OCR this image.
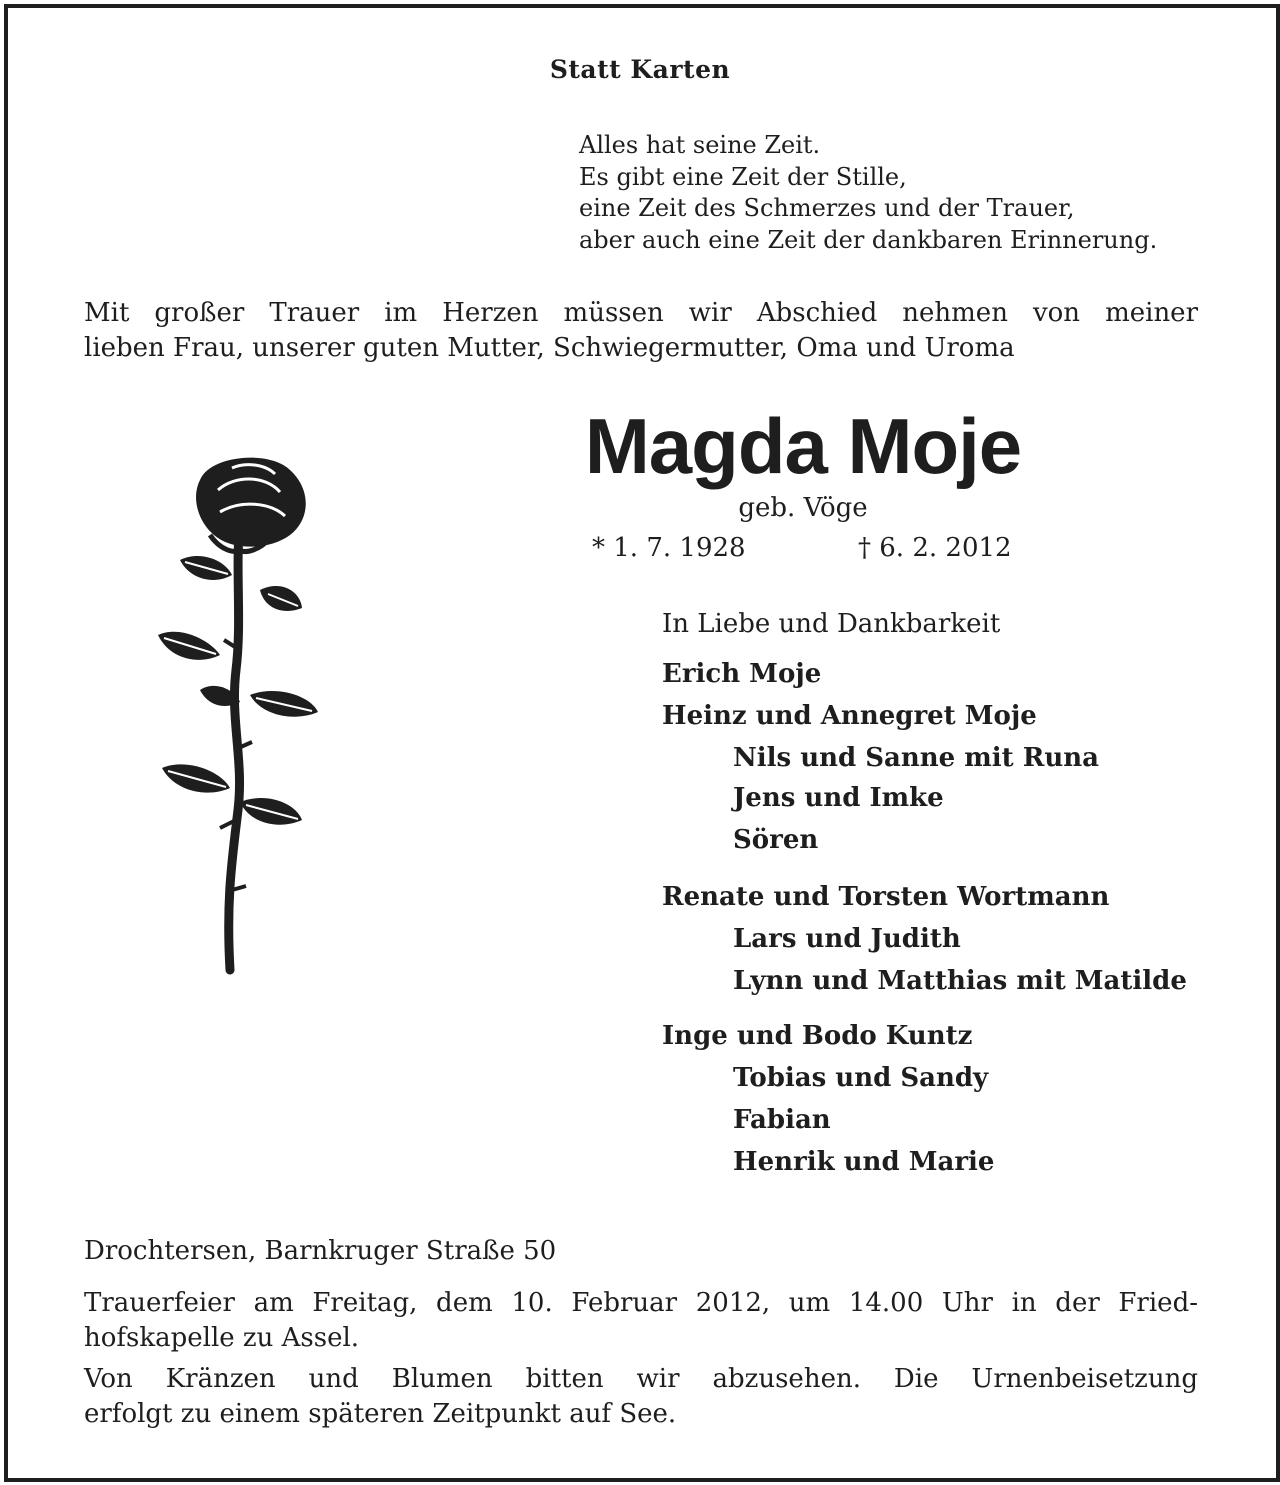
Statt Karten
Alles hat seine Zeit.
Es gibt eine Zeit der Stille,
eine Zeit des Schmerzes und der Trauer,
aber auch eine Zeit der dankbaren Erinnerung.
Mit großer Trauer im Herzen müssen wir Abschied nehmen von meiner
lieben Frau, unserer guten Mutter, Schwiegermutter, Oma und Uroma
Magda Moje
geb. Vöge
* 1. 7. 1928	† 6. 2. 2012
In Liebe und Dankbarkeit
Erich Moje
Heinz und Annegret Moje
Nils und Sanne mit Runa
Jens und Imke
Sören
Renate und Torsten Wortmann
Lars und Judith
Lynn und Matthias mit Matilde
Inge und Bodo Kuntz
Tobias und Sandy
Fabian
Henrik und Marie
Drochtersen, Barnkruger Straße 50
Trauerfeier am Freitag, dem 10. Februar 2012, um 14.00 Uhr in der Fried-
hofskapelle zu Assel.
Von Kränzen und Blumen bitten wir abzusehen. Die Urnenbeisetzung
erfolgt zu einem späteren Zeitpunkt auf See.
